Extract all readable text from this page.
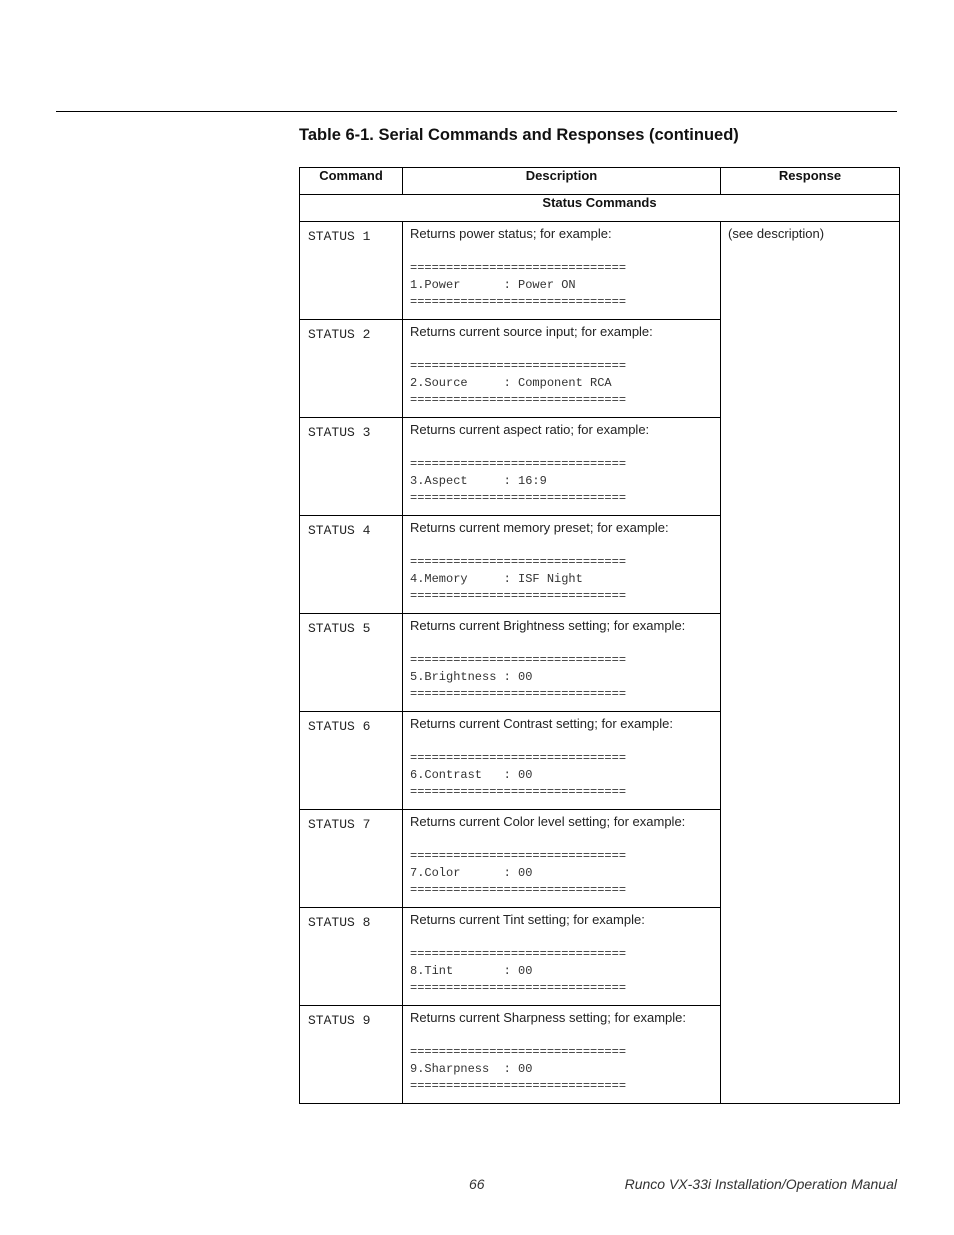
Table 6-1. Serial Commands and Responses (continued)
Command	Description	Response
Status Commands		

STATUS 1	Returns power status; for example:
==============================
1.Power      : Power ON
==============================	(see description)

STATUS 2	Returns current source input; for example:
==============================
2.Source     : Component RCA
==============================	

STATUS 3	Returns current aspect ratio; for example:
==============================
3.Aspect     : 16:9
==============================	

STATUS 4	Returns current memory preset; for example:
==============================
4.Memory     : ISF Night
==============================	

STATUS 5	Returns current Brightness setting; for example:
==============================
5.Brightness : 00
==============================	

STATUS 6	Returns current Contrast setting; for example:
==============================
6.Contrast   : 00
==============================	

STATUS 7	Returns current Color level setting; for example:
==============================
7.Color      : 00
==============================	

STATUS 8	Returns current Tint setting; for example:
==============================
8.Tint       : 00
==============================	

STATUS 9	Returns current Sharpness setting; for example:
==============================
9.Sharpness  : 00
==============================	
66	Runco VX-33i Installation/Operation Manual
